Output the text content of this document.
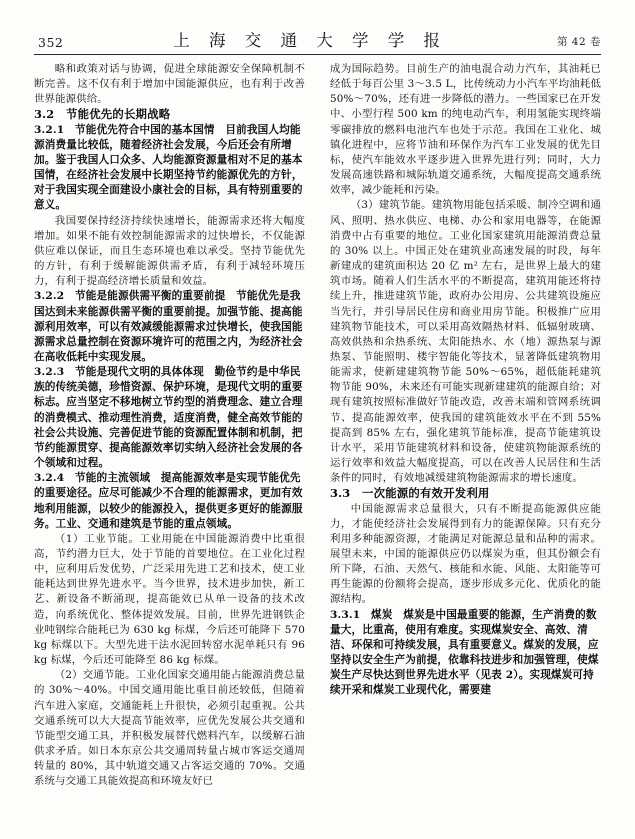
352	上 海 交 通 大 学 学 报	第 42 卷

略和政策对话与协调，促进全球能源安全保障机制不断完善。这不仅有利于增加中国能源供应，也有利于改善世界能源供给。

3.2　节能优先的长期战略

3.2.1　节能优先符合中国的基本国情　目前我国人均能源消费量比较低，随着经济社会发展，今后还会有所增加。鉴于我国人口众多、人均能源资源量相对不足的基本国情，在经济社会发展中长期坚持节约能源优先的方针，对于我国实现全面建设小康社会的目标，具有特别重要的意义。

我国要保持经济持续快速增长，能源需求还将大幅度增加。如果不能有效控制能源需求的过快增长，不仅能源供应难以保证，而且生态环境也难以承受。坚持节能优先的方针，有利于缓解能源供需矛盾，有利于减轻环境压力，有利于提高经济增长质量和效益。

3.2.2　节能是能源供需平衡的重要前提　节能优先是我国达到未来能源供需平衡的重要前提。加强节能、提高能源利用效率，可以有效减缓能源需求过快增长，使我国能源需求总量控制在资源环境许可的范围之内，为经济社会在高收低耗中实现发展。

3.2.3　节能是现代文明的具体体现　勤俭节约是中华民族的传统美德，珍惜资源、保护环境，是现代文明的重要标志。应当坚定不移地树立节约型的消费理念、建立合理的消费模式、推动理性消费，适度消费，健全高效节能的社会公共设施、完善促进节能的资源配置体制和机制，把节约能源贯穿、提高能源效率切实纳入经济社会发展的各个领域和过程。

3.2.4　节能的主流领域　提高能源效率是实现节能优先的重要途径。应尽可能减少不合理的能源需求，更加有效地利用能源，以较少的能源投入，提供更多更好的能源服务。工业、交通和建筑是节能的重点领域。

（1）工业节能。工业用能在中国能源消费中比重很高，节约潜力巨大，处于节能的首要地位。在工业化过程中，应利用后发优势，广泛采用先进工艺和技术，使工业能耗达到世界先进水平。当今世界，技术进步加快，新工艺、新设备不断涌现，提高能效已从单一设备的技术改造，向系统优化、整体提效发展。目前，世界先进钢铁企业吨钢综合能耗已为 630 kg 标煤，今后还可能降下 570 kg 标煤以下。大型先进干法水泥回转窑水泥单耗只有 96 kg 标煤，今后还可能降至 86 kg 标煤。

（2）交通节能。工业化国家交通用能占能源消费总量的 30%～40%。中国交通用能比重目前还较低，但随着汽车进入家庭，交通能耗上升很快，必须引起重视。公共交通系统可以大大提高节能效率，应优先发展公共交通和节能型交通工具，并积极发展替代燃料汽车，以缓解石油供求矛盾。如日本东京公共交通周转量占城市客运交通周转量的 80%，其中轨道交通又占客运交通的 70%。交通系统与交通工具能效提高和环境友好已

成为国际趋势。目前生产的油电混合动力汽车，其油耗已经低于每百公里 3～3.5 L，比传统动力小汽车平均油耗低 50%～70%，还有进一步降低的潜力。一些国家已在开发中、小型行程 500 km 的纯电动汽车，利用氢能实现终端零碳排放的燃料电池汽车也处于示范。我国在工业化、城镇化进程中，应将节油和环保作为汽车工业发展的优先目标，使汽车能效水平逐步进入世界先进行列；同时，大力发展高速铁路和城际轨道交通系统，大幅度提高交通系统效率，减少能耗和污染。

（3）建筑节能。建筑物用能包括采暖、制冷空调和通风、照明、热水供应、电梯、办公和家用电器等，在能源消费中占有重要的地位。工业化国家建筑用能源消费总量的 30% 以上。中国正处在建筑业高速发展的时段，每年新建成的建筑面积达 20 亿 m² 左右，是世界上最大的建筑市场。随着人们生活水平的不断提高，建筑用能还将持续上升，推进建筑节能，政府办公用房、公共建筑设施应当先行，并引导居民住房和商业用房节能。积极推广应用建筑物节能技术，可以采用高效隔热材料、低辐射玻璃、高效供热和余热系统、太阳能热水、水（地）源热泵与源热泵、节能照明、楼宇智能化等技术，显著降低建筑物用能需求，使新建建筑物节能 50%～65%，超低能耗建筑物节能 90%，未来还有可能实现新建建筑的能源自给；对现有建筑按照标准做好节能改造，改善末端和管网系统调节、提高能源效率，使我国的建筑能效水平在不到 55% 提高到 85% 左右，强化建筑节能标准，提高节能建筑设计水平，采用节能建筑材料和设备，使建筑物能源系统的运行效率和效益大幅度提高，可以在改善人民居住和生活条件的同时，有效地减缓建筑物能源需求的增长速度。

3.3　一次能源的有效开发利用

中国能源需求总量很大，只有不断提高能源供应能力，才能使经济社会发展得到有力的能源保障。只有充分利用多种能源资源，才能满足对能源总量和品种的需求。展望未来，中国的能源供应仍以煤炭为重，但其份额会有所下降，石油、天然气、核能和水能、风能、太阳能等可再生能源的份额将会提高，逐步形成多元化、优质化的能源结构。

3.3.1　煤炭　煤炭是中国最重要的能源，生产消费的数量大，比重高，使用有难度。实现煤炭安全、高效、清洁、环保和可持续发展，具有重要意义。煤炭的发展，应坚持以安全生产为前提，依靠科技进步和加强管理，使煤炭生产尽快达到世界先进水平（见表 2）。实现煤炭可持续开采和煤炭工业现代化，需要建
